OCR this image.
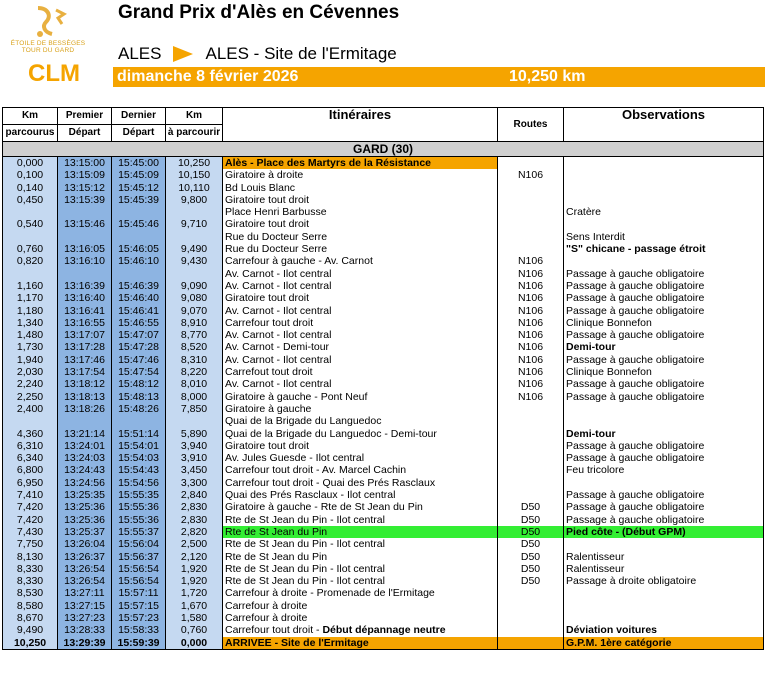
ÉTOILE DE BESSÈGES
TOUR DU GARD
CLM
Grand Prix d'Alès en Cévennes
ALES	ALES - Site de l'Ermitage
dimanche 8 février 2026	10,250 km
Km	Premier	Dernier	Km	Itinéraires	Routes	Observations
parcourus	Départ	Départ	à parcourir			
GARD (30)						
0,000	13:15:00	15:45:00	10,250	Alès - Place des Martyrs de la Résistance		
0,100	13:15:09	15:45:09	10,150	Giratoire à droite	N106	
0,140	13:15:12	15:45:12	10,110	Bd Louis Blanc		
0,450	13:15:39	15:45:39	9,800	Giratoire tout droit		
				Place Henri Barbusse		Cratère
0,540	13:15:46	15:45:46	9,710	Giratoire tout droit		
				Rue du Docteur Serre		Sens Interdit
0,760	13:16:05	15:46:05	9,490	Rue du Docteur Serre		"S" chicane - passage étroit
0,820	13:16:10	15:46:10	9,430	Carrefour à gauche - Av. Carnot	N106	
				Av. Carnot - Ilot central	N106	Passage à gauche obligatoire
1,160	13:16:39	15:46:39	9,090	Av. Carnot - Ilot central	N106	Passage à gauche obligatoire
1,170	13:16:40	15:46:40	9,080	Giratoire tout droit	N106	Passage à gauche obligatoire
1,180	13:16:41	15:46:41	9,070	Av. Carnot - Ilot central	N106	Passage à gauche obligatoire
1,340	13:16:55	15:46:55	8,910	Carrefour tout droit	N106	Clinique Bonnefon
1,480	13:17:07	15:47:07	8,770	Av. Carnot - Ilot central	N106	Passage à gauche obligatoire
1,730	13:17:28	15:47:28	8,520	Av. Carnot - Demi-tour	N106	Demi-tour
1,940	13:17:46	15:47:46	8,310	Av. Carnot - Ilot central	N106	Passage à gauche obligatoire
2,030	13:17:54	15:47:54	8,220	Carrefout tout droit	N106	Clinique Bonnefon
2,240	13:18:12	15:48:12	8,010	Av. Carnot - Ilot central	N106	Passage à gauche obligatoire
2,250	13:18:13	15:48:13	8,000	Giratoire à gauche - Pont Neuf	N106	Passage à gauche obligatoire
2,400	13:18:26	15:48:26	7,850	Giratoire à gauche		
				Quai de la Brigade du Languedoc		
4,360	13:21:14	15:51:14	5,890	Quai de la Brigade du Languedoc - Demi-tour		Demi-tour
6,310	13:24:01	15:54:01	3,940	Giratoire tout droit		Passage à gauche obligatoire
6,340	13:24:03	15:54:03	3,910	Av. Jules Guesde - Ilot central		Passage à gauche obligatoire
6,800	13:24:43	15:54:43	3,450	Carrefour tout droit - Av. Marcel Cachin		Feu tricolore
6,950	13:24:56	15:54:56	3,300	Carrefour tout droit - Quai des Prés Rasclaux		
7,410	13:25:35	15:55:35	2,840	Quai des Prés Rasclaux - Ilot central		Passage à gauche obligatoire
7,420	13:25:36	15:55:36	2,830	Giratoire à gauche - Rte de St Jean du Pin	D50	Passage à gauche obligatoire
7,420	13:25:36	15:55:36	2,830	Rte de St Jean du Pin - Ilot central	D50	Passage à gauche obligatoire
7,430	13:25:37	15:55:37	2,820	Rte de St Jean du Pin	D50	Pied côte - (Début GPM)
7,750	13:26:04	15:56:04	2,500	Rte de St Jean du Pin - Ilot central	D50	
8,130	13:26:37	15:56:37	2,120	Rte de St Jean du Pin	D50	Ralentisseur
8,330	13:26:54	15:56:54	1,920	Rte de St Jean du Pin - Ilot central	D50	Ralentisseur
8,330	13:26:54	15:56:54	1,920	Rte de St Jean du Pin - Ilot central	D50	Passage à droite obligatoire
8,530	13:27:11	15:57:11	1,720	Carrefour à droite - Promenade de l'Ermitage		
8,580	13:27:15	15:57:15	1,670	Carrefour à droite		
8,670	13:27:23	15:57:23	1,580	Carrefour à droite		
9,490	13:28:33	15:58:33	0,760	Carrefour tout droit - Début dépannage neutre		Déviation voitures
10,250	13:29:39	15:59:39	0,000	ARRIVEE - Site de l'Ermitage		G.P.M. 1ère catégorie
